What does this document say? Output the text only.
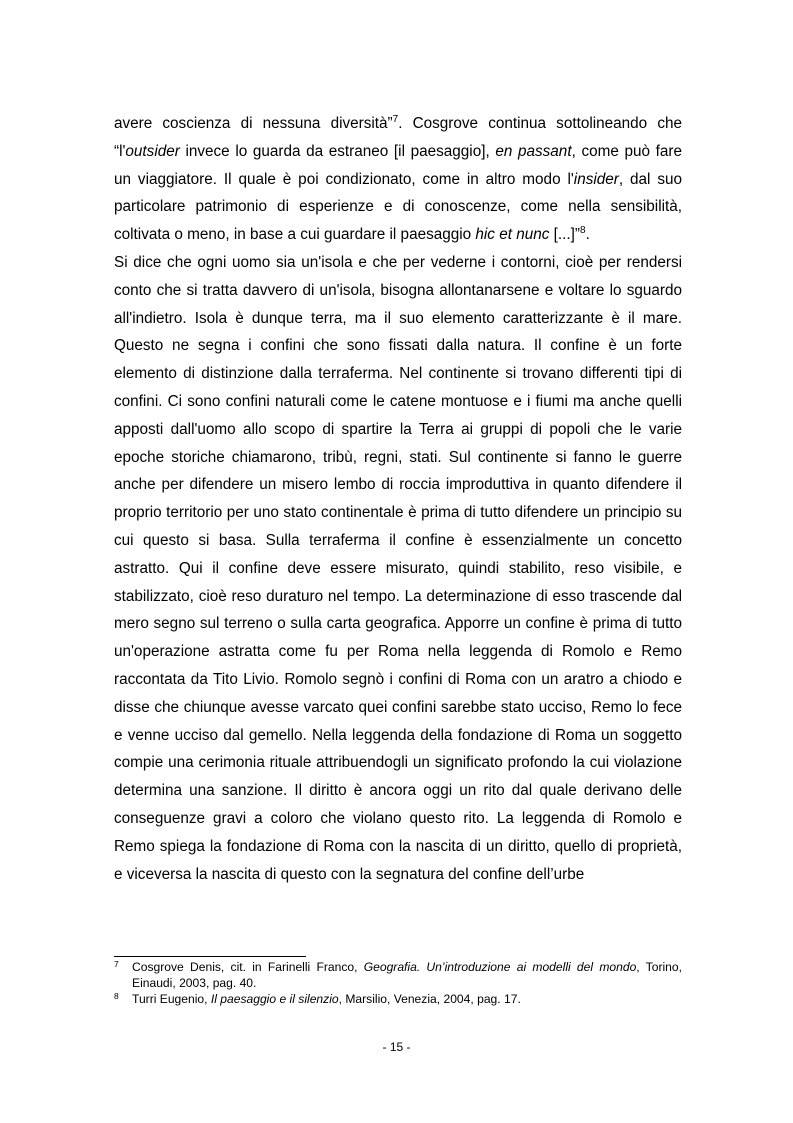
avere coscienza di nessuna diversità”$^7$. Cosgrove continua sottolineando che “l'outsider invece lo guarda da estraneo [il paesaggio], en passant, come può fare un viaggiatore. Il quale è poi condizionato, come in altro modo l'insider, dal suo particolare patrimonio di esperienze e di conoscenze, come nella sensibilità, coltivata o meno, in base a cui guardare il paesaggio hic et nunc [...]”$^8$.

Si dice che ogni uomo sia un'isola e che per vederne i contorni, cioè per rendersi conto che si tratta davvero di un'isola, bisogna allontanarsene e voltare lo sguardo all'indietro. Isola è dunque terra, ma il suo elemento caratterizzante è il mare. Questo ne segna i confini che sono fissati dalla natura. Il confine è un forte elemento di distinzione dalla terraferma. Nel continente si trovano differenti tipi di confini. Ci sono confini naturali come le catene montuose e i fiumi ma anche quelli apposti dall'uomo allo scopo di spartire la Terra ai gruppi di popoli che le varie epoche storiche chiamarono, tribù, regni, stati. Sul continente si fanno le guerre anche per difendere un misero lembo di roccia improduttiva in quanto difendere il proprio territorio per uno stato continentale è prima di tutto difendere un principio su cui questo si basa. Sulla terraferma il confine è essenzialmente un concetto astratto. Qui il confine deve essere misurato, quindi stabilito, reso visibile, e stabilizzato, cioè reso duraturo nel tempo. La determinazione di esso trascende dal mero segno sul terreno o sulla carta geografica. Apporre un confine è prima di tutto un'operazione astratta come fu per Roma nella leggenda di Romolo e Remo raccontata da Tito Livio. Romolo segnò i confini di Roma con un aratro a chiodo e disse che chiunque avesse varcato quei confini sarebbe stato ucciso, Remo lo fece e venne ucciso dal gemello. Nella leggenda della fondazione di Roma un soggetto compie una cerimonia rituale attribuendogli un significato profondo la cui violazione determina una sanzione. Il diritto è ancora oggi un rito dal quale derivano delle conseguenze gravi a coloro che violano questo rito. La leggenda di Romolo e Remo spiega la fondazione di Roma con la nascita di un diritto, quello di proprietà, e viceversa la nascita di questo con la segnatura del confine dell’urbe

7 Cosgrove Denis, cit. in Farinelli Franco, Geografia. Un’introduzione ai modelli del mondo, Torino, Einaudi, 2003, pag. 40.
8 Turri Eugenio, Il paesaggio e il silenzio, Marsilio, Venezia, 2004, pag. 17.
- 15 -
